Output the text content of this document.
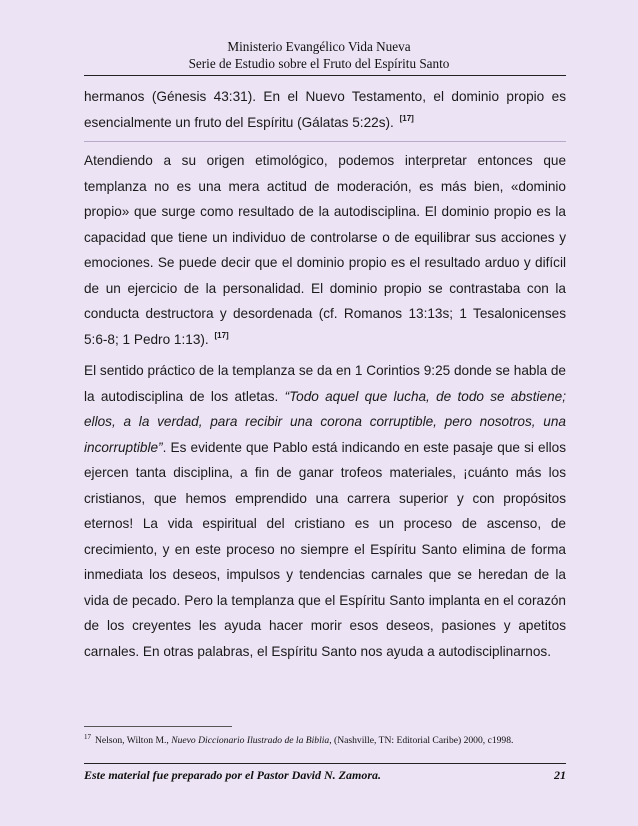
Ministerio Evangélico Vida Nueva
Serie de Estudio sobre el Fruto del Espíritu Santo

hermanos (Génesis 43:31). En el Nuevo Testamento, el dominio propio es esencialmente un fruto del Espíritu (Gálatas 5:22s). [17]

Atendiendo a su origen etimológico, podemos interpretar entonces que templanza no es una mera actitud de moderación, es más bien, «dominio propio» que surge como resultado de la autodisciplina. El dominio propio es la capacidad que tiene un individuo de controlarse o de equilibrar sus acciones y emociones. Se puede decir que el dominio propio es el resultado arduo y difícil de un ejercicio de la personalidad. El dominio propio se contrastaba con la conducta destructora y desordenada (cf. Romanos 13:13s; 1 Tesalonicenses 5:6-8; 1 Pedro 1:13). [17]

El sentido práctico de la templanza se da en 1 Corintios 9:25 donde se habla de la autodisciplina de los atletas. “Todo aquel que lucha, de todo se abstiene; ellos, a la verdad, para recibir una corona corruptible, pero nosotros, una incorruptible”. Es evidente que Pablo está indicando en este pasaje que si ellos ejercen tanta disciplina, a fin de ganar trofeos materiales, ¡cuánto más los cristianos, que hemos emprendido una carrera superior y con propósitos eternos! La vida espiritual del cristiano es un proceso de ascenso, de crecimiento, y en este proceso no siempre el Espíritu Santo elimina de forma inmediata los deseos, impulsos y tendencias carnales que se heredan de la vida de pecado. Pero la templanza que el Espíritu Santo implanta en el corazón de los creyentes les ayuda hacer morir esos deseos, pasiones y apetitos carnales. En otras palabras, el Espíritu Santo nos ayuda a autodisciplinarnos.

$^{17}$ Nelson, Wilton M., Nuevo Diccionario Ilustrado de la Biblia, (Nashville, TN: Editorial Caribe) 2000, c1998.
Este material fue preparado por el Pastor David N. Zamora.	21
